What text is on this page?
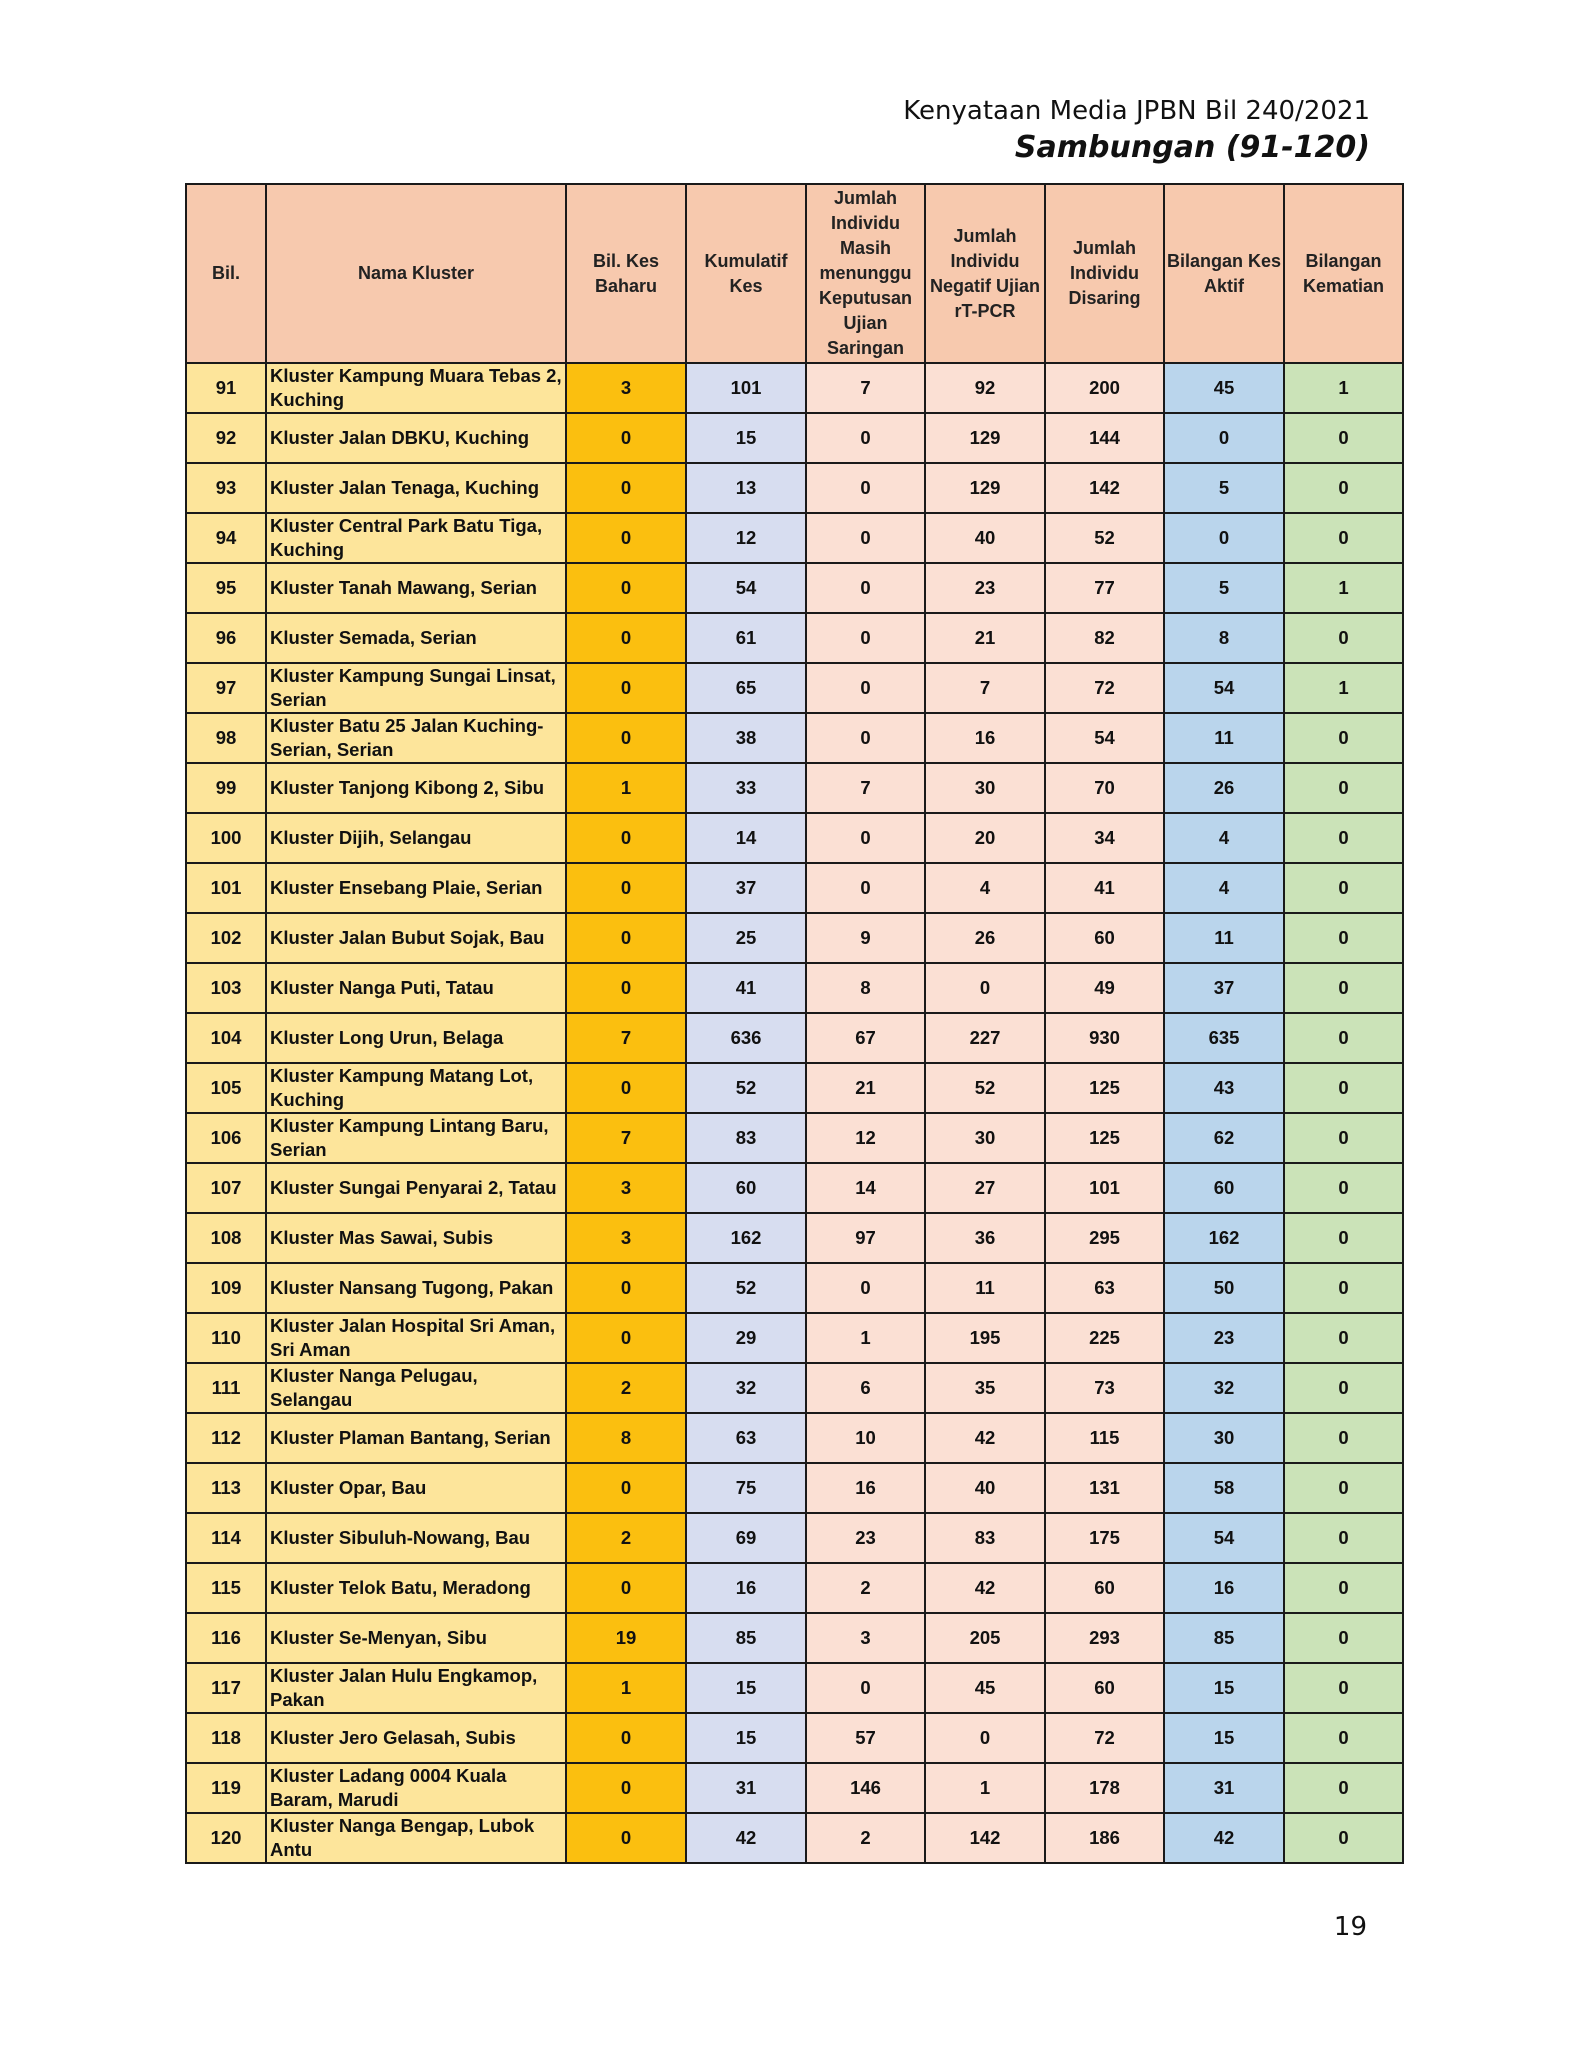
Kenyataan Media JPBN Bil 240/2021
Sambungan (91-120)
Bil.	Nama Kluster	Bil. Kes Baharu	Kumulatif Kes	Jumlah Individu Masih menunggu Keputusan Ujian Saringan	Jumlah Individu Negatif Ujian rT-PCR	Jumlah Individu Disaring	Bilangan Kes Aktif	Bilangan Kematian
91	Kluster Kampung Muara Tebas 2, Kuching	3	101	7	92	200	45	1
92	Kluster Jalan DBKU, Kuching	0	15	0	129	144	0	0
93	Kluster Jalan Tenaga, Kuching	0	13	0	129	142	5	0
94	Kluster Central Park Batu Tiga, Kuching	0	12	0	40	52	0	0
95	Kluster Tanah Mawang, Serian	0	54	0	23	77	5	1
96	Kluster Semada, Serian	0	61	0	21	82	8	0
97	Kluster Kampung Sungai Linsat, Serian	0	65	0	7	72	54	1
98	Kluster Batu 25 Jalan Kuching-Serian, Serian	0	38	0	16	54	11	0
99	Kluster Tanjong Kibong 2, Sibu	1	33	7	30	70	26	0
100	Kluster Dijih, Selangau	0	14	0	20	34	4	0
101	Kluster Ensebang Plaie, Serian	0	37	0	4	41	4	0
102	Kluster Jalan Bubut Sojak, Bau	0	25	9	26	60	11	0
103	Kluster Nanga Puti, Tatau	0	41	8	0	49	37	0
104	Kluster Long Urun, Belaga	7	636	67	227	930	635	0
105	Kluster Kampung Matang Lot, Kuching	0	52	21	52	125	43	0
106	Kluster Kampung Lintang Baru, Serian	7	83	12	30	125	62	0
107	Kluster Sungai Penyarai 2, Tatau	3	60	14	27	101	60	0
108	Kluster Mas Sawai, Subis	3	162	97	36	295	162	0
109	Kluster Nansang Tugong, Pakan	0	52	0	11	63	50	0
110	Kluster Jalan Hospital Sri Aman, Sri Aman	0	29	1	195	225	23	0
111	Kluster Nanga Pelugau, Selangau	2	32	6	35	73	32	0
112	Kluster Plaman Bantang, Serian	8	63	10	42	115	30	0
113	Kluster Opar, Bau	0	75	16	40	131	58	0
114	Kluster Sibuluh-Nowang, Bau	2	69	23	83	175	54	0
115	Kluster Telok Batu, Meradong	0	16	2	42	60	16	0
116	Kluster Se-Menyan, Sibu	19	85	3	205	293	85	0
117	Kluster Jalan Hulu Engkamop, Pakan	1	15	0	45	60	15	0
118	Kluster Jero Gelasah, Subis	0	15	57	0	72	15	0
119	Kluster Ladang 0004 Kuala Baram, Marudi	0	31	146	1	178	31	0
120	Kluster Nanga Bengap, Lubok Antu	0	42	2	142	186	42	0
19
